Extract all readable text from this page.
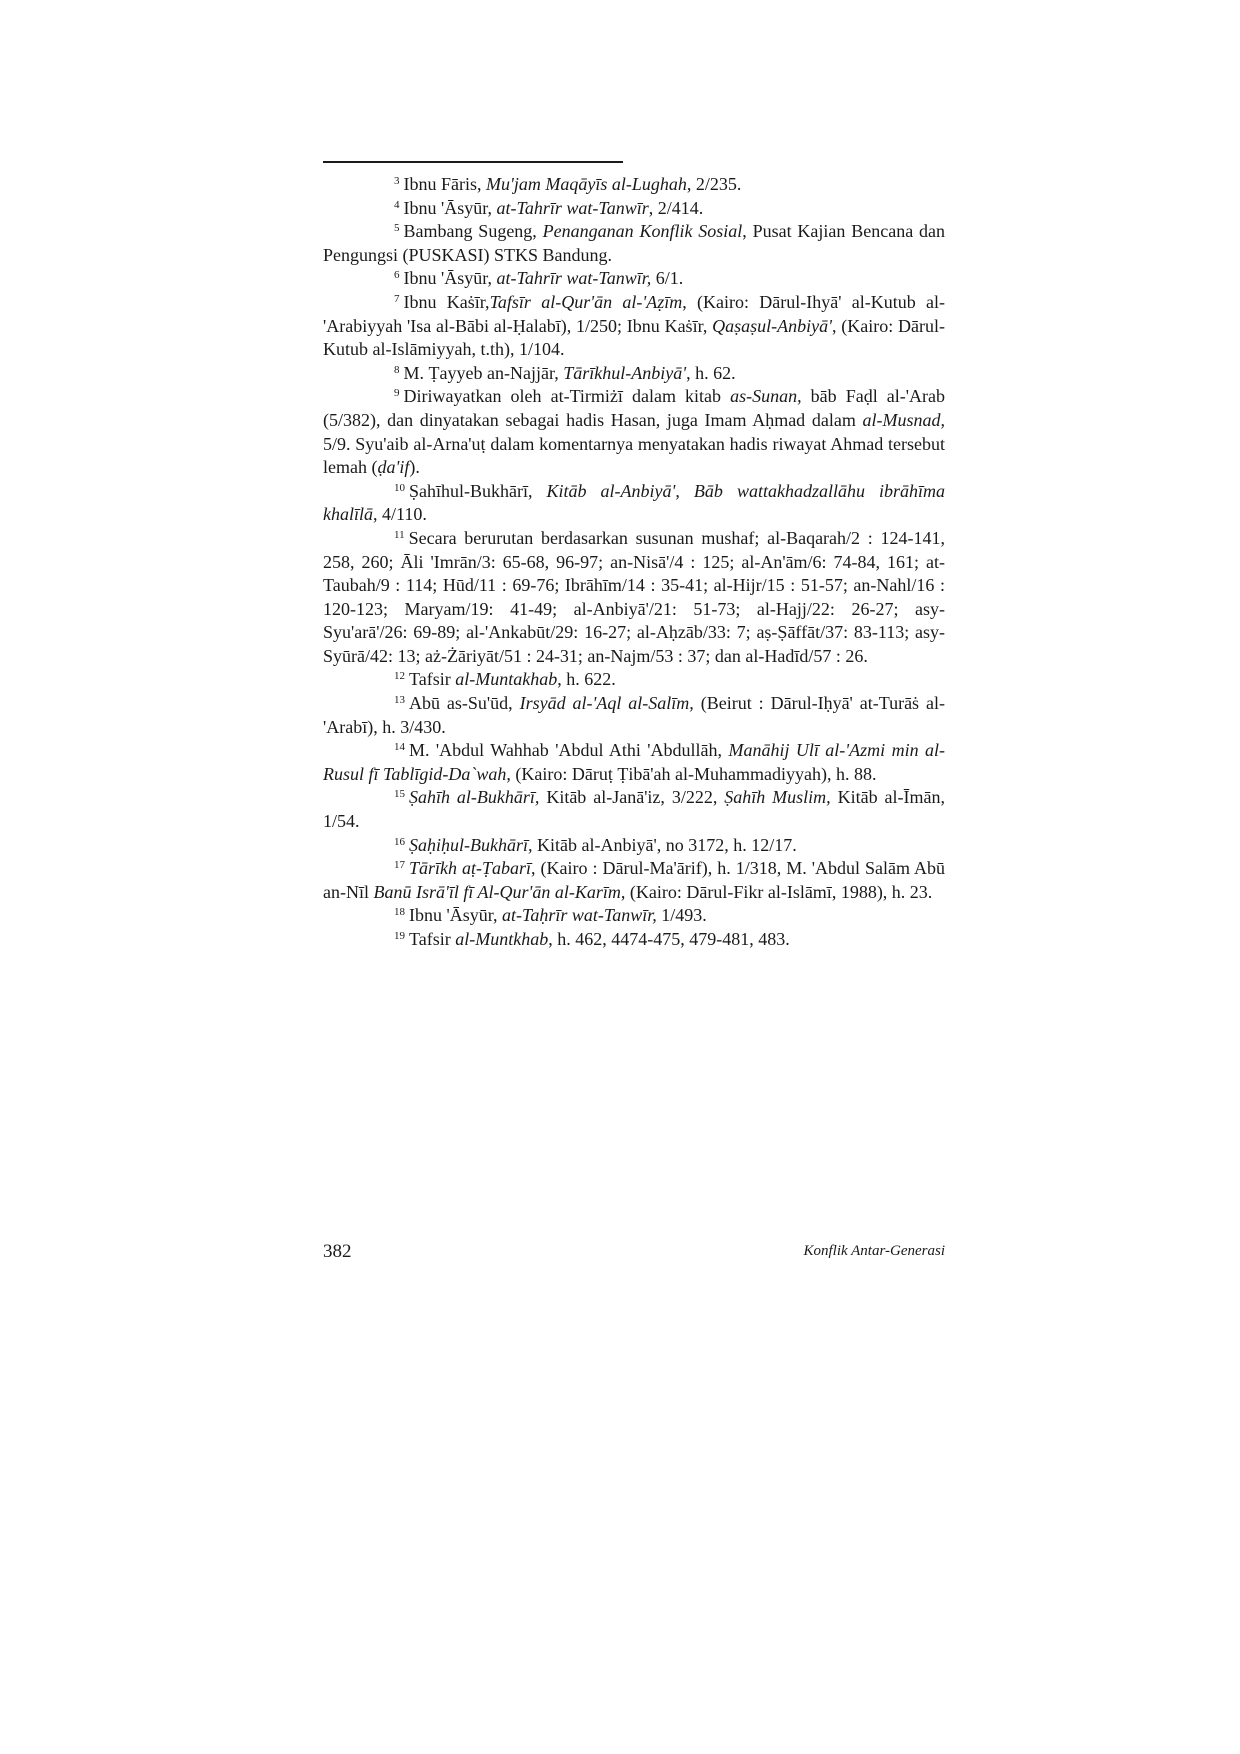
$^3$ Ibnu Fāris, Mu'jam Maqāyīs al-Lughah, 2/235.

$^4$ Ibnu 'Āsyūr, at-Tahrīr wat-Tanwīr, 2/414.

$^5$ Bambang Sugeng, Penanganan Konflik Sosial, Pusat Kajian Bencana dan Pengungsi (PUSKASI) STKS Bandung.

$^6$ Ibnu 'Āsyūr, at-Tahrīr wat-Tanwīr, 6/1.

$^7$ Ibnu Kaṡīr,Tafsīr al-Qur'ān al-'Aẓīm, (Kairo: Dārul-Ihyā' al-Kutub al-'Arabiyyah 'Isa al-Bābi al-Ḥalabī), 1/250; Ibnu Kaṡīr, Qaṣaṣul-Anbiyā', (Kairo: Dārul-Kutub al-Islāmiyyah, t.th), 1/104.

$^8$ M. Ṭayyeb an-Najjār, Tārīkhul-Anbiyā', h. 62.

$^9$ Diriwayatkan oleh at-Tirmiżī dalam kitab as-Sunan, bāb Faḍl al-'Arab (5/382), dan dinyatakan sebagai hadis Hasan, juga Imam Aḥmad dalam al-Musnad, 5/9. Syu'aib al-Arna'uṭ dalam komentarnya menyatakan hadis riwayat Ahmad tersebut lemah (ḍa'if).

$^{10}$ Ṣahīhul-Bukhārī, Kitāb al-Anbiyā', Bāb wattakhadzallāhu ibrāhīma khalīlā, 4/110.

$^{11}$ Secara berurutan berdasarkan susunan mushaf; al-Baqarah/2 : 124-141, 258, 260; Āli 'Imrān/3: 65-68, 96-97; an-Nisā'/4 : 125; al-An'ām/6: 74-84, 161; at-Taubah/9 : 114; Hūd/11 : 69-76; Ibrāhīm/14 : 35-41; al-Hijr/15 : 51-57; an-Nahl/16 : 120-123; Maryam/19: 41-49; al-Anbiyā'/21: 51-73; al-Hajj/22: 26-27; asy-Syu'arā'/26: 69-89; al-'Ankabūt/29: 16-27; al-Aḥzāb/33: 7; aṣ-Ṣāffāt/37: 83-113; asy-Syūrā/42: 13; aż-Żāriyāt/51 : 24-31; an-Najm/53 : 37; dan al-Hadīd/57 : 26.

$^{12}$ Tafsir al-Muntakhab, h. 622.

$^{13}$ Abū as-Su'ūd, Irsyād al-'Aql al-Salīm, (Beirut : Dārul-Iḥyā' at-Turāṡ al-'Arabī), h. 3/430.

$^{14}$ M. 'Abdul Wahhab 'Abdul Athi 'Abdullāh, Manāhij Ulī al-'Azmi min al-Rusul fī Tablīgid-Da`wah, (Kairo: Dāruṭ Ṭibā'ah al-Muhammadiyyah), h. 88.

$^{15}$ Ṣahīh al-Bukhārī, Kitāb al-Janā'iz, 3/222, Ṣahīh Muslim, Kitāb al-Īmān, 1/54.

$^{16}$ Ṣaḥiḥul-Bukhārī, Kitāb al-Anbiyā', no 3172, h. 12/17.

$^{17}$ Tārīkh aṭ-Ṭabarī, (Kairo : Dārul-Ma'ārif), h. 1/318, M. 'Abdul Salām Abū an-Nīl Banū Isrā'īl fī Al-Qur'ān al-Karīm, (Kairo: Dārul-Fikr al-Islāmī, 1988), h. 23.

$^{18}$ Ibnu 'Āsyūr, at-Taḥrīr wat-Tanwīr, 1/493.

$^{19}$ Tafsir al-Muntkhab, h. 462, 4474-475, 479-481, 483.

382	Konflik Antar-Generasi
